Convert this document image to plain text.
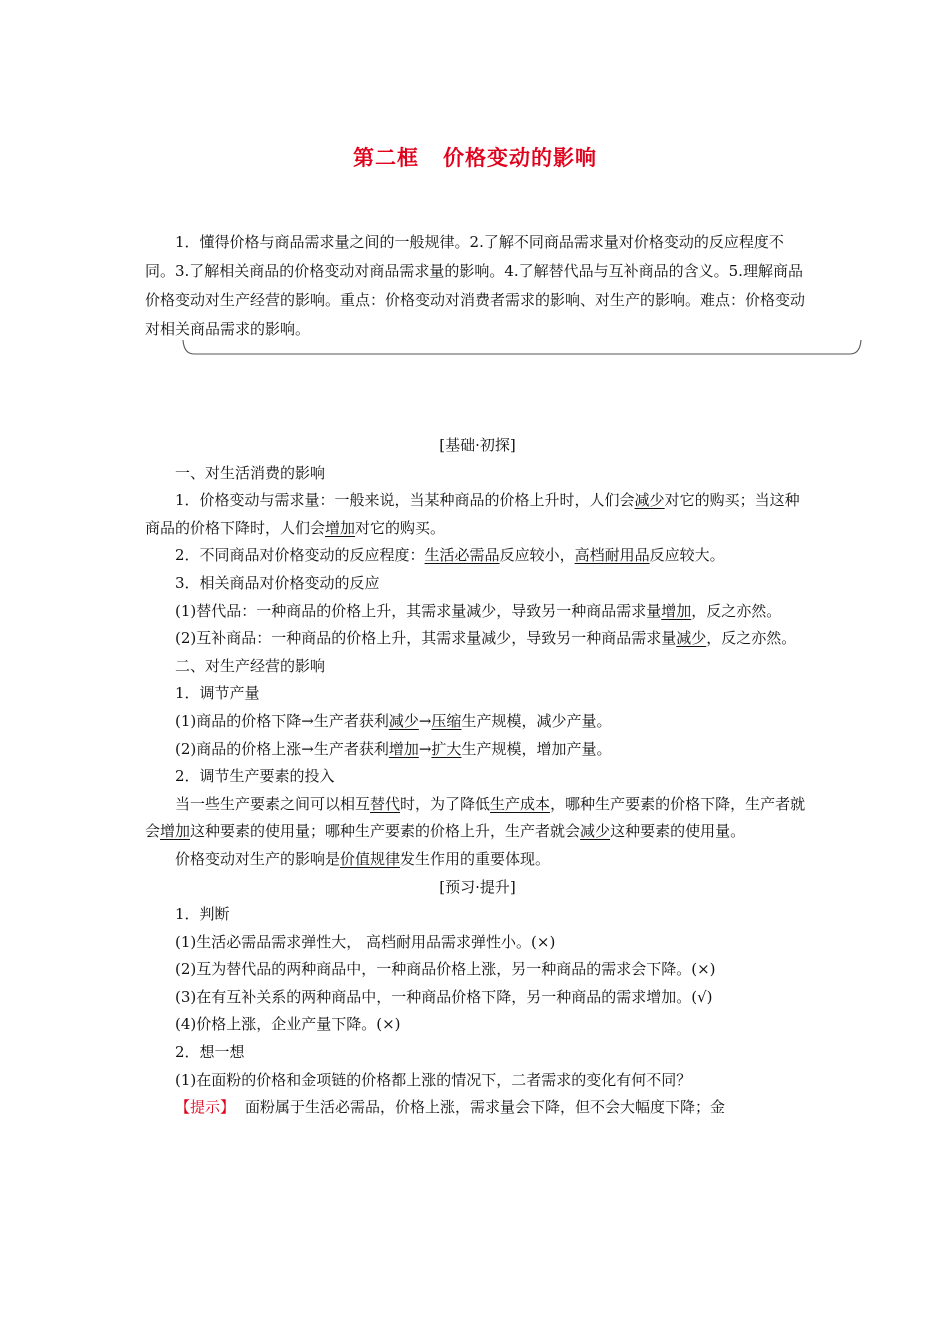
第二框 价格变动的影响

1．懂得价格与商品需求量之间的一般规律。2.了解不同商品需求量对价格变动的反应程度不同。3.了解相关商品的价格变动对商品需求量的影响。4.了解替代品与互补商品的含义。5.理解商品价格变动对生产经营的影响。重点：价格变动对消费者需求的影响、对生产的影响。难点：价格变动对相关商品需求的影响。

[基础·初探]

一、对生活消费的影响

1．价格变动与需求量：一般来说，当某种商品的价格上升时，人们会减少对它的购买；当这种商品的价格下降时，人们会增加对它的购买。

2．不同商品对价格变动的反应程度：生活必需品反应较小，高档耐用品反应较大。

3．相关商品对价格变动的反应

(1)替代品：一种商品的价格上升，其需求量减少，导致另一种商品需求量增加，反之亦然。

(2)互补商品：一种商品的价格上升，其需求量减少，导致另一种商品需求量减少，反之亦然。

二、对生产经营的影响

1．调节产量

(1)商品的价格下降→生产者获利减少→压缩生产规模，减少产量。

(2)商品的价格上涨→生产者获利增加→扩大生产规模，增加产量。

2．调节生产要素的投入

当一些生产要素之间可以相互替代时，为了降低生产成本，哪种生产要素的价格下降，生产者就会增加这种要素的使用量；哪种生产要素的价格上升，生产者就会减少这种要素的使用量。

价格变动对生产的影响是价值规律发生作用的重要体现。

[预习·提升]

1．判断

(1)生活必需品需求弹性大， 高档耐用品需求弹性小。(×)

(2)互为替代品的两种商品中，一种商品价格上涨，另一种商品的需求会下降。(×)

(3)在有互补关系的两种商品中，一种商品价格下降，另一种商品的需求增加。(√)

(4)价格上涨，企业产量下降。(×)

2．想一想

(1)在面粉的价格和金项链的价格都上涨的情况下，二者需求的变化有何不同？

【提示】 面粉属于生活必需品，价格上涨，需求量会下降，但不会大幅度下降；金
